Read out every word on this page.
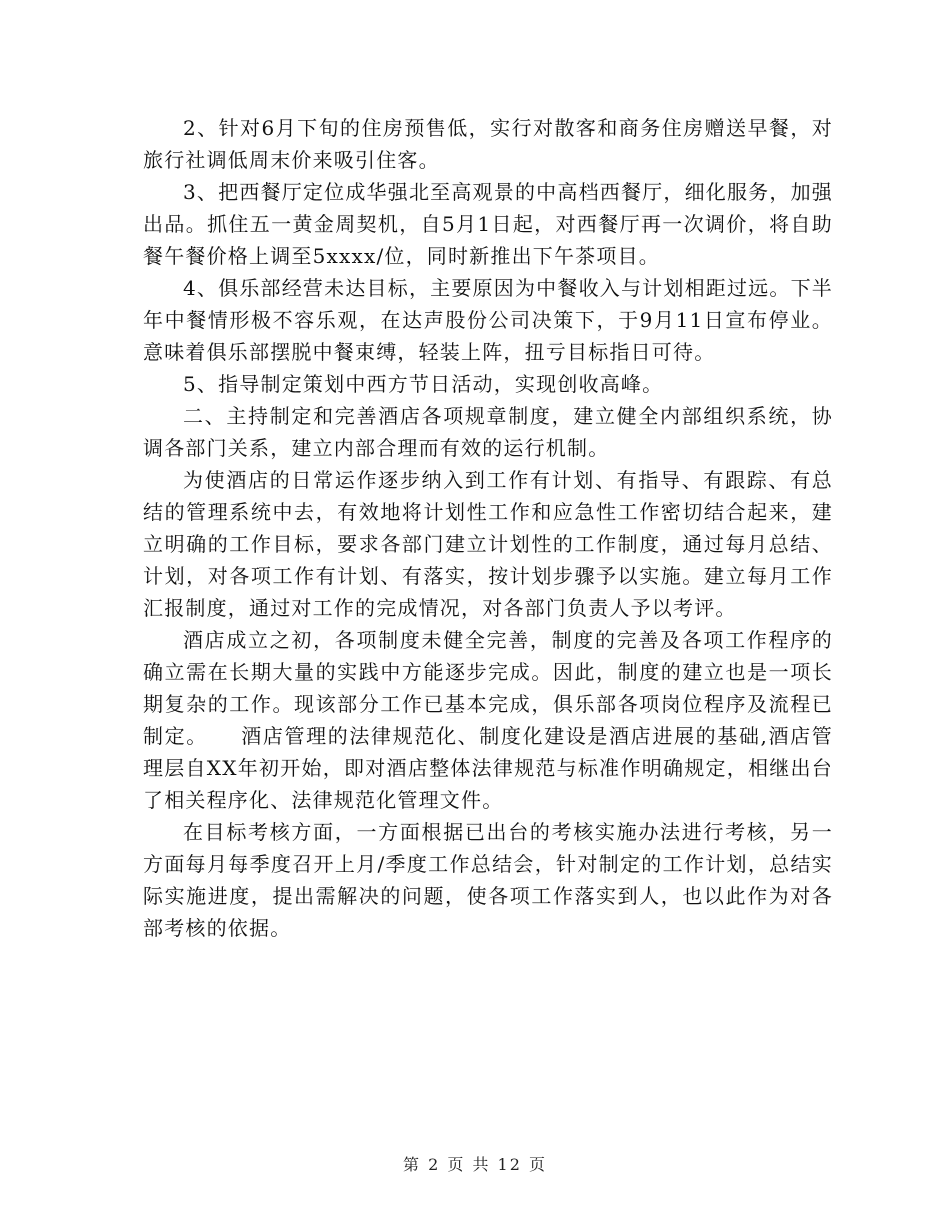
2、针对6月下旬的住房预售低，实行对散客和商务住房赠送早餐，对旅行社调低周末价来吸引住客。

3、把西餐厅定位成华强北至高观景的中高档西餐厅，细化服务，加强出品。抓住五一黄金周契机，自5月1日起，对西餐厅再一次调价，将自助餐午餐价格上调至5xxxx/位，同时新推出下午茶项目。

4、俱乐部经营未达目标，主要原因为中餐收入与计划相距过远。下半年中餐情形极不容乐观，在达声股份公司决策下，于9月11日宣布停业。意味着俱乐部摆脱中餐束缚，轻装上阵，扭亏目标指日可待。

5、指导制定策划中西方节日活动，实现创收高峰。

二、主持制定和完善酒店各项规章制度，建立健全内部组织系统，协调各部门关系，建立内部合理而有效的运行机制。

为使酒店的日常运作逐步纳入到工作有计划、有指导、有跟踪、有总结的管理系统中去，有效地将计划性工作和应急性工作密切结合起来，建立明确的工作目标，要求各部门建立计划性的工作制度，通过每月总结、计划，对各项工作有计划、有落实，按计划步骤予以实施。建立每月工作汇报制度，通过对工作的完成情况，对各部门负责人予以考评。

酒店成立之初，各项制度未健全完善，制度的完善及各项工作程序的确立需在长期大量的实践中方能逐步完成。因此，制度的建立也是一项长期复杂的工作。现该部分工作已基本完成，俱乐部各项岗位程序及流程已制定。　　酒店管理的法律规范化、制度化建设是酒店进展的基础,酒店管理层自XX年初开始，即对酒店整体法律规范与标准作明确规定，相继出台了相关程序化、法律规范化管理文件。

在目标考核方面，一方面根据已出台的考核实施办法进行考核，另一方面每月每季度召开上月/季度工作总结会，针对制定的工作计划，总结实际实施进度，提出需解决的问题，使各项工作落实到人，也以此作为对各部考核的依据。

第 2 页 共 12 页
